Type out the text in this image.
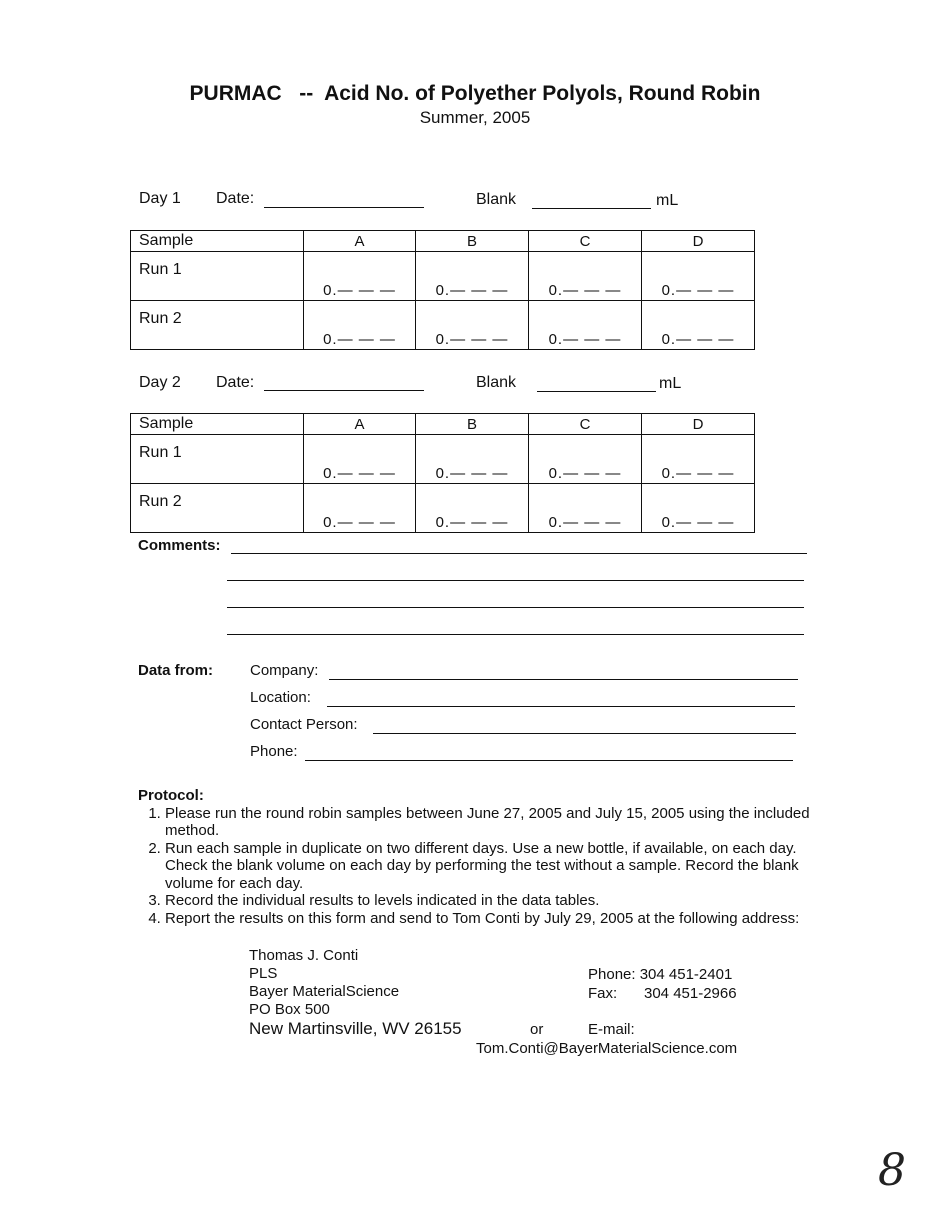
PURMAC   --  Acid No. of Polyether Polyols, Round Robin
Summer, 2005
Day 1 Date:	Blank	mL
Sample	A	B	C	D
Run 1	0.— — —	0.— — —	0.— — —	0.— — —
Run 2	0.— — —	0.— — —	0.— — —	0.— — —
Day 2 Date:	Blank	mL
Sample	A	B	C	D
Run 1	0.— — —	0.— — —	0.— — —	0.— — —
Run 2	0.— — —	0.— — —	0.— — —	0.— — —
Comments:
Data from: Company:
Location:
Contact Person:
Phone:
Protocol:
1. Please run the round robin samples between June 27, 2005 and July 15, 2005 using the included method.
2. Run each sample in duplicate on two different days. Use a new bottle, if available, on each day. Check the blank volume on each day by performing the test without a sample. Record the blank volume for each day.
3. Record the individual results to levels indicated in the data tables.
4. Report the results on this form and send to Tom Conti by July 29, 2005 at the following address:
Thomas J. Conti
PLS
Bayer MaterialScience
PO Box 500
New Martinsville, WV 26155	or
Phone: 304 451-2401
Fax: 304 451-2966
E-mail:
Tom.Conti@BayerMaterialScience.com
8
